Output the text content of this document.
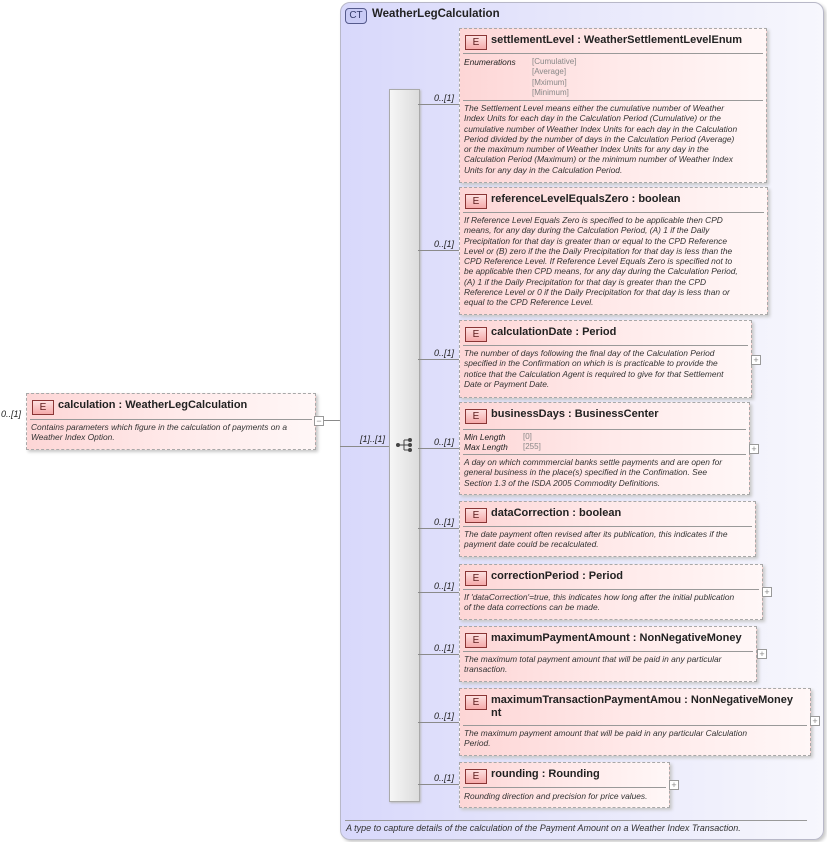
0..[1]
E	calculation : WeatherLegCalculation
Contains parameters which figure in the calculation of payments on a
Weather Index Option.
−
CT WeatherLegCalculation
A type to capture details of the calculation of the Payment Amount on a Weather Index Transaction.
[1]..[1]
0..[1]
0..[1]
0..[1]
0..[1]
0..[1]
0..[1]
0..[1]
0..[1]
0..[1]
E	settlementLevel : WeatherSettlementLevelEnum
Enumerations [Cumulative]
[Average]
[Mximum]
[Minimum]
The Settlement Level means either the cumulative number of Weather
Index Units for each day in the Calculation Period (Cumulative) or the
cumulative number of Weather Index Units for each day in the Calculation
Period divided by the number of days in the Calculation Period (Average)
or the maximum number of Weather Index Units for any day in the
Calculation Period (Maximum) or the minimum number of Weather Index
Units for any day in the Calculation Period.
E	referenceLevelEqualsZero : boolean
If Reference Level Equals Zero is specified to be applicable then CPD
means, for any day during the Calculation Period, (A) 1 if the Daily
Precipitation for that day is greater than or equal to the CPD Reference
Level or (B) zero if the the Daily Precipitation for that day is less than the
CPD Reference Level. If Reference Level Equals Zero is specified not to
be applicable then CPD means, for any day during the Calculation Period,
(A) 1 if the Daily Precipitation for that day is greater than the CPD
Reference Level or 0 if the Daily Precipitation for that day is less than or
equal to the CPD Reference Level.
E	calculationDate : Period
The number of days following the final day of the Calculation Period
specified in the Confirmation on which is is practicable to provide the
notice that the Calculation Agent is required to give for that Settlement
Date or Payment Date.
+
E	businessDays : BusinessCenter
Min Length [0]
Max Length [255]
A day on which commmercial banks settle payments and are open for
general business in the place(s) specified in the Confimation. See
Section 1.3 of the ISDA 2005 Commodity Definitions.
+
E	dataCorrection : boolean
The date payment often revised after its publication, this indicates if the
payment date could be recalculated.
E	correctionPeriod : Period
If 'dataCorrection'=true, this indicates how long after the initial publication
of the data corrections can be made.
+
E	maximumPaymentAmount : NonNegativeMoney
The maximum total payment amount that will be paid in any particular
transaction.
+
E	maximumTransactionPaymentAmou : NonNegativeMoney
nt
The maximum payment amount that will be paid in any particular Calculation
Period.
+
E	rounding : Rounding
Rounding direction and precision for price values.
+
